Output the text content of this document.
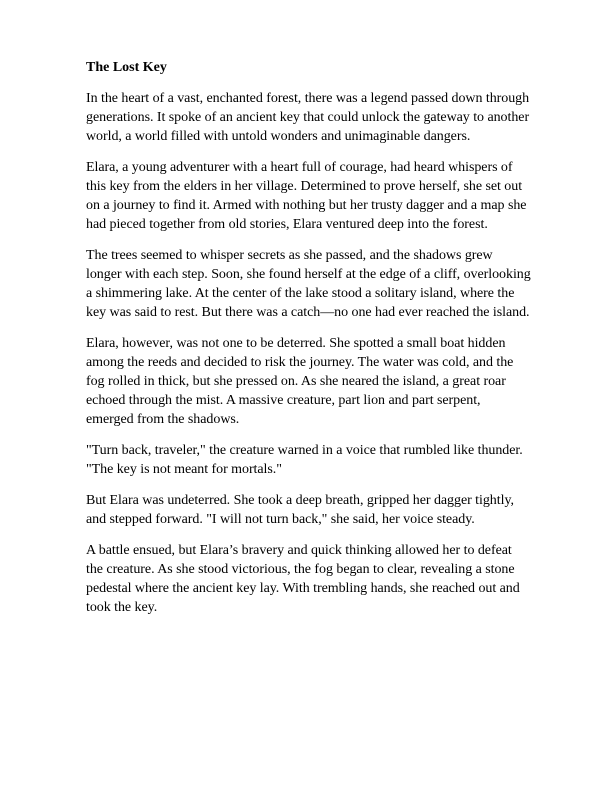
The Lost Key

In the heart of a vast, enchanted forest, there was a legend passed down through generations. It spoke of an ancient key that could unlock the gateway to another world, a world filled with untold wonders and unimaginable dangers.

Elara, a young adventurer with a heart full of courage, had heard whispers of this key from the elders in her village. Determined to prove herself, she set out on a journey to find it. Armed with nothing but her trusty dagger and a map she had pieced together from old stories, Elara ventured deep into the forest.

The trees seemed to whisper secrets as she passed, and the shadows grew longer with each step. Soon, she found herself at the edge of a cliff, overlooking a shimmering lake. At the center of the lake stood a solitary island, where the key was said to rest. But there was a catch—no one had ever reached the island.

Elara, however, was not one to be deterred. She spotted a small boat hidden among the reeds and decided to risk the journey. The water was cold, and the fog rolled in thick, but she pressed on. As she neared the island, a great roar echoed through the mist. A massive creature, part lion and part serpent, emerged from the shadows.

"Turn back, traveler," the creature warned in a voice that rumbled like thunder. "The key is not meant for mortals."

But Elara was undeterred. She took a deep breath, gripped her dagger tightly, and stepped forward. "I will not turn back," she said, her voice steady.

A battle ensued, but Elara’s bravery and quick thinking allowed her to defeat the creature. As she stood victorious, the fog began to clear, revealing a stone pedestal where the ancient key lay. With trembling hands, she reached out and took the key.
